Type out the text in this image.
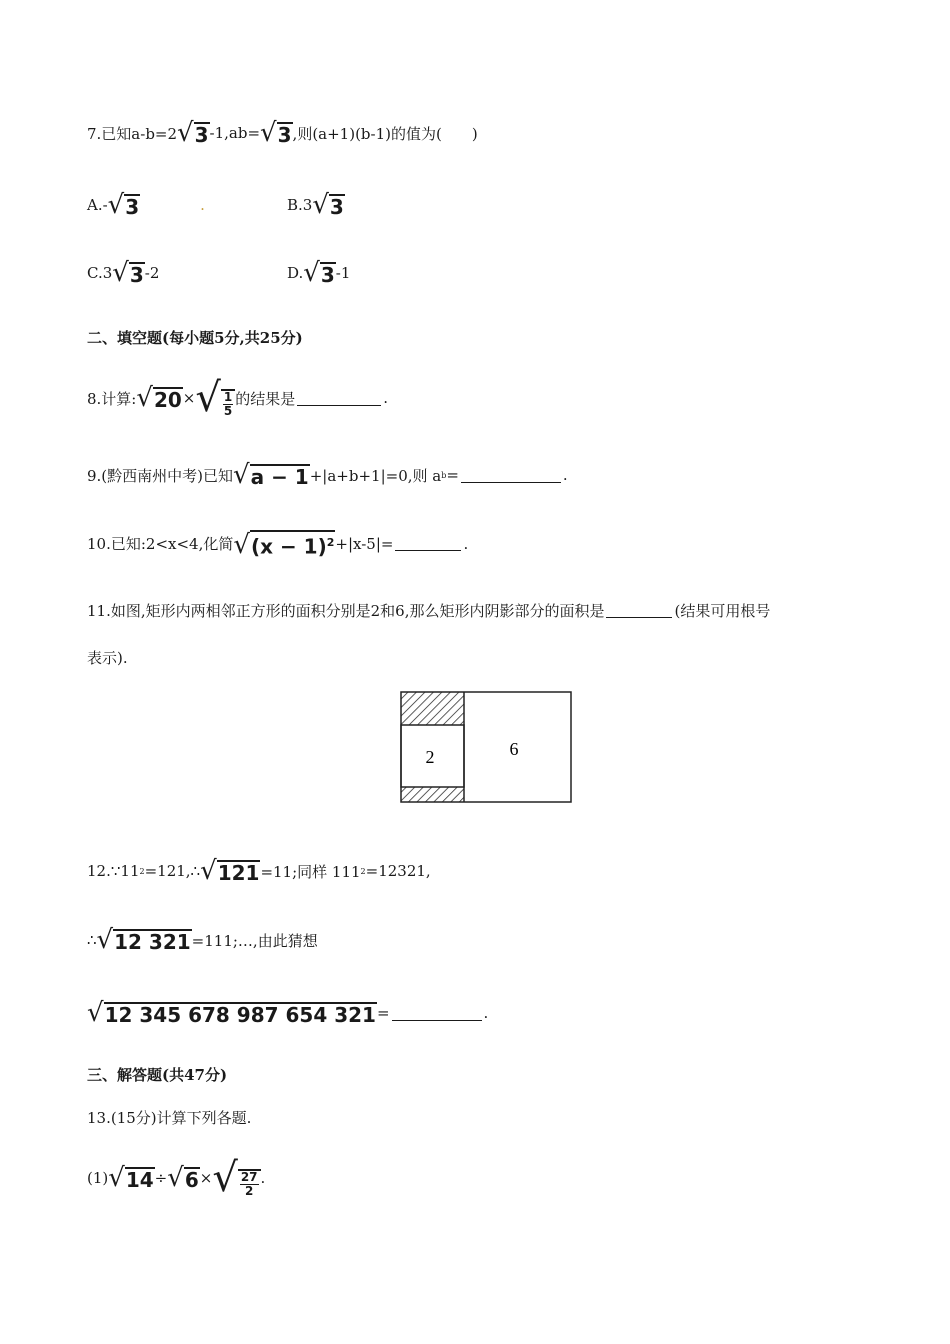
7.已知a-b=2 √ 3 -1,ab= √ 3 ,则(a+1)(b-1)的值为(　　)
A.- √ 3	.	B.3 √ 3
C.3 √ 3 -2	D. √ 3 -1
二、填空题(每小题5分,共25分)
8.计算: √ 20 × √ $\frac{1}{5}$ 的结果是	.
9.(黔西南州中考)已知 √ a − 1 +|a+b+1|=0,则 a b =	.
10.已知:2<x<4,化简 √ $(x - 1)^2 +|x-5|=$	.
11.如图,矩形内两相邻正方形的面积分别是2和6,那么矩形内阴影部分的面积是	(结果可用根号
表示).
2	6
12.∵11 2 =121,∴ √ 121 =11;同样 111 2 =12321,
∴ √ 12 321 =111;…,由此猜想
√ 12 345 678 987 654 321 =	.
三、解答题(共47分)
13.(15分)计算下列各题.
(1) √ 14 ÷ √ 6 × √ $\frac{27}{2}$ .
